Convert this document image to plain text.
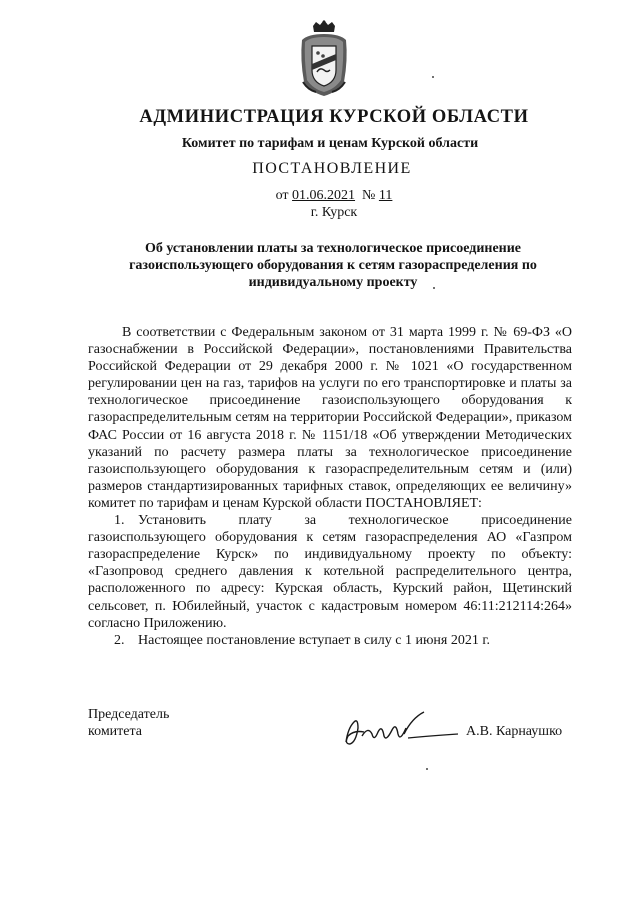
АДМИНИСТРАЦИЯ КУРСКОЙ ОБЛАСТИ
Комитет по тарифам и ценам Курской области
ПОСТАНОВЛЕНИЕ
от 01.06.2021 № 11
г. Курск
Об установлении платы за технологическое присоединение
газоиспользующего оборудования к сетям газораспределения по
индивидуальному проекту

В соответствии с Федеральным законом от 31 марта 1999 г. № 69-ФЗ «О газоснабжении в Российской Федерации», постановлениями Правительства Российской Федерации от 29 декабря 2000 г. № 1021 «О государственном регулировании цен на газ, тарифов на услуги по его транспортировке и платы за технологическое присоединение газоиспользующего оборудования к газораспределительным сетям на территории Российской Федерации», приказом ФАС России от 16 августа 2018 г. № 1151/18 «Об утверждении Методических указаний по расчету размера платы за технологическое присоединение газоиспользующего оборудования к газораспределительным сетям и (или) размеров стандартизированных тарифных ставок, определяющих ее величину» комитет по тарифам и ценам Курской области ПОСТАНОВЛЯЕТ:

1. Установить плату за технологическое присоединение газоиспользующего оборудования к сетям газораспределения АО «Газпром газораспределение Курск» по индивидуальному проекту по объекту: «Газопровод среднего давления к котельной распределительного центра, расположенного по адресу: Курская область, Курский район, Щетинский сельсовет, п. Юбилейный, участок с кадастровым номером 46:11:212114:264» согласно Приложению.

2. Настоящее постановление вступает в силу с 1 июня 2021 г.

Председатель
комитета	А.В. Карнаушко
